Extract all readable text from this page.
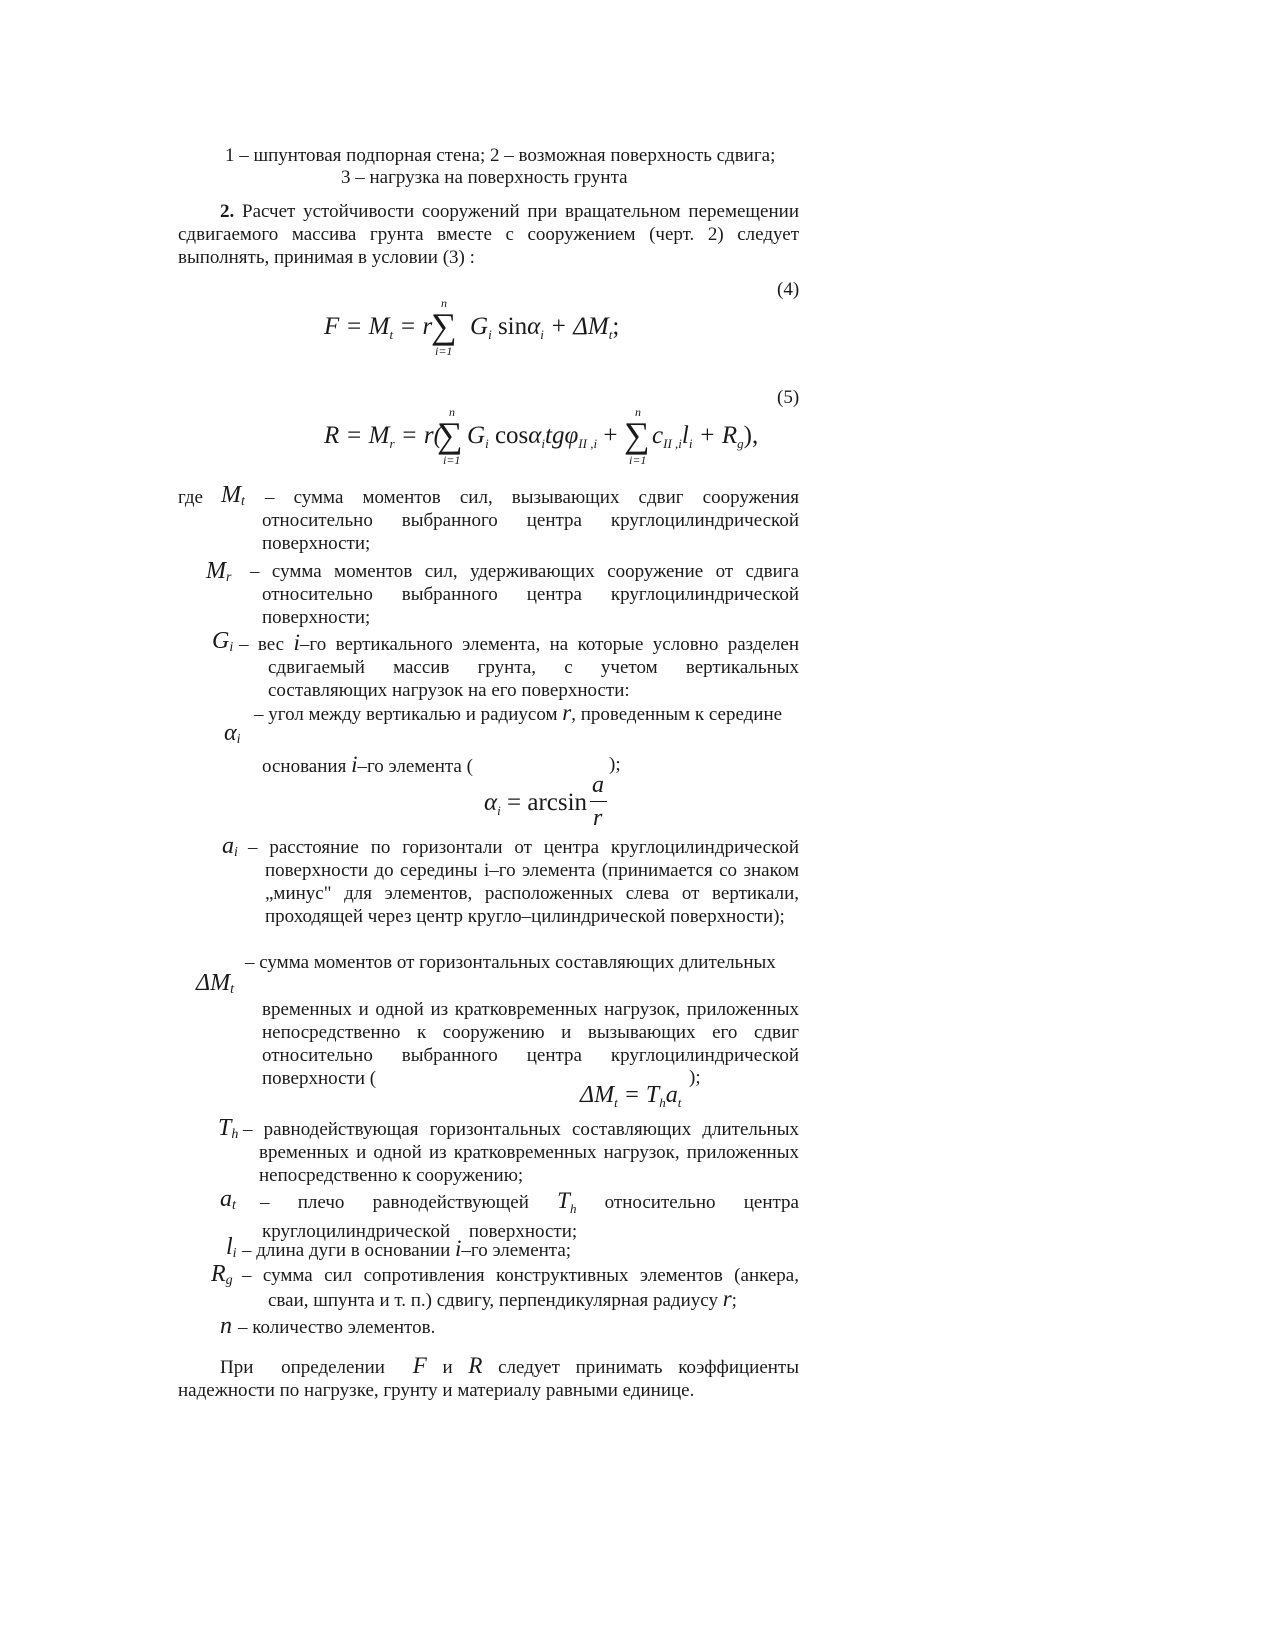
1 – шпунтовая подпорная стена; 2 – возможная поверхность сдвига;
3 – нагрузка на поверхность грунта
2. Расчет устойчивости сооружений при вращательном перемещении сдвигаемого массива грунта вместе с сооружением (черт. 2) следует выполнять, принимая в условии (3) :
(4)
$F = M_t = r$
∑
n
i=1
$G_i$ $\sin\alpha_i + \Delta M_t$;
(5)
$R = M_r = r$(
∑
n
i=1
$G_i$ cosα$_i$tgφ$_{II ,i}$ + ∑
n
i=1
$c_{II ,i}l_i + R_g$),
где $M_t$ – сумма моментов сил, вызывающих сдвиг сооружения относительно выбранного центра круглоцилиндрической поверхности;
$M_r$ – сумма моментов сил, удерживающих сооружение от сдвига относительно выбранного центра круглоцилиндрической поверхности;
$G_i$ – вес i–го вертикального элемента, на которые условно разделен сдвигаемый массив грунта, с учетом вертикальных составляющих нагрузок на его поверхности:
– угол между вертикалью и радиусом r, проведенным к середине
$\alpha_i$
основания i–го элемента (	);
$\alpha_i = \arcsin$
a
r
$a_i$ – расстояние по горизонтали от центра круглоцилиндрической поверхности до середины i–го элемента (принимается со знаком „минус" для элементов, расположенных слева от вертикали, проходящей через центр кругло–цилиндрической поверхности);
– сумма моментов от горизонтальных составляющих длительных
$\Delta M_t$
временных и одной из кратковременных нагрузок, приложенных непосредственно к сооружению и вызывающих его сдвиг относительно выбранного центра круглоцилиндрической поверхности (	);
$\Delta M_t = T_ha_t$
$T_h$ – равнодействующая горизонтальных составляющих длительных временных и одной из кратковременных нагрузок, приложенных непосредственно к сооружению;
$a_t$ – плечо равнодействующей $T_h$ относительно центра круглоцилиндрической поверхности;
$l_i$ – длина дуги в основании i–го элемента;
$R_g$ – сумма сил сопротивления конструктивных элементов (анкера, сваи, шпунта и т. п.) сдвигу, перпендикулярная радиусу r;
n – количество элементов.
При определении F и R следует принимать коэффициенты надежности по нагрузке, грунту и материалу равными единице.
